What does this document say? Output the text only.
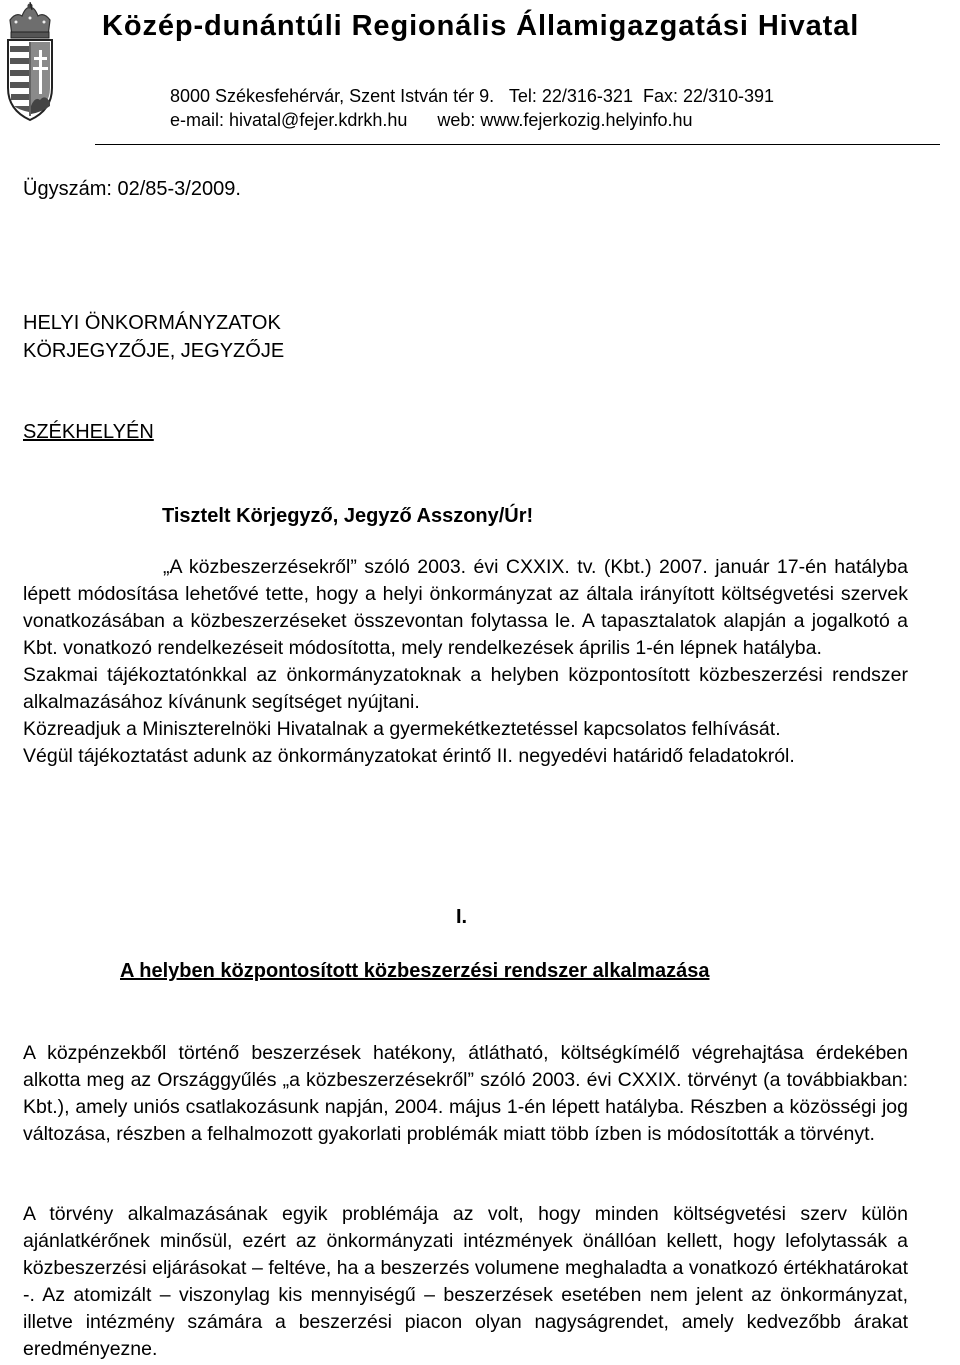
Közép-dunántúli Regionális Államigazgatási Hivatal
8000 Székesfehérvár, Szent István tér 9.   Tel: 22/316-321  Fax: 22/310-391
e-mail: hivatal@fejer.kdrkh.hu      web: www.fejerkozig.helyinfo.hu
Ügyszám: 02/85-3/2009.
HELYI ÖNKORMÁNYZATOK
KÖRJEGYZŐJE, JEGYZŐJE
SZÉKHELYÉN
Tisztelt Körjegyző, Jegyző Asszony/Úr!

„A közbeszerzésekről” szóló 2003. évi CXXIX. tv. (Kbt.) 2007. január 17-én hatályba lépett módosítása lehetővé tette, hogy a helyi önkormányzat az általa irányított költségvetési szervek vonatkozásában a közbeszerzéseket összevontan folytassa le. A tapasztalatok alapján a jogalkotó a Kbt. vonatkozó rendelkezéseit módosította, mely rendelkezések április 1-én lépnek hatályba.

Szakmai tájékoztatónkkal az önkormányzatoknak a helyben központosított közbeszerzési rendszer alkalmazásához kívánunk segítséget nyújtani.

Közreadjuk a Miniszterelnöki Hivatalnak a gyermekétkeztetéssel kapcsolatos felhívását.

Végül tájékoztatást adunk az önkormányzatokat érintő II. negyedévi határidő feladatokról.

I.
A helyben központosított közbeszerzési rendszer alkalmazása

A közpénzekből történő beszerzések hatékony, átlátható, költségkímélő végrehajtása érdekében alkotta meg az Országgyűlés „a közbeszerzésekről” szóló 2003. évi CXXIX. törvényt (a továbbiakban: Kbt.), amely uniós csatlakozásunk napján, 2004. május 1-én lépett hatályba. Részben a közösségi jog változása, részben a felhalmozott gyakorlati problémák miatt több ízben is módosították a törvényt.

A törvény alkalmazásának egyik problémája az volt, hogy minden költségvetési szerv külön ajánlatkérőnek minősül, ezért az önkormányzati intézmények önállóan kellett, hogy lefolytassák a közbeszerzési eljárásokat – feltéve, ha a beszerzés volumene meghaladta a vonatkozó értékhatárokat -. Az atomizált – viszonylag kis mennyiségű – beszerzések esetében nem jelent az önkormányzat, illetve intézmény számára a beszerzési piacon olyan nagyságrendet, amely kedvezőbb árakat eredményezne.
